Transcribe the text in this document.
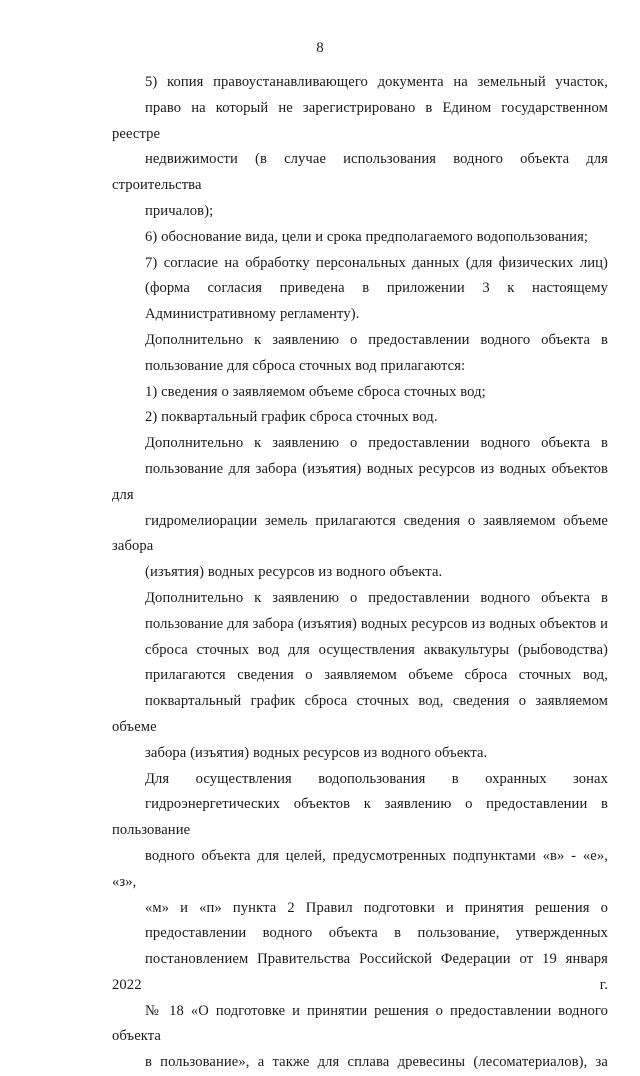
8
5) копия правоустанавливающего документа на земельный участок,
право на который не зарегистрировано в Едином государственном реестре
недвижимости (в случае использования водного объекта для строительства
причалов);
6) обоснование вида, цели и срока предполагаемого водопользования;
7) согласие на обработку персональных данных (для физических лиц)
(форма согласия приведена в приложении 3 к настоящему
Административному регламенту).
Дополнительно к заявлению о предоставлении водного объекта в
пользование для сброса сточных вод прилагаются:
1) сведения о заявляемом объеме сброса сточных вод;
2) поквартальный график сброса сточных вод.
Дополнительно к заявлению о предоставлении водного объекта в
пользование для забора (изъятия) водных ресурсов из водных объектов для
гидромелиорации земель прилагаются сведения о заявляемом объеме забора
(изъятия) водных ресурсов из водного объекта.
Дополнительно к заявлению о предоставлении водного объекта в
пользование для забора (изъятия) водных ресурсов из водных объектов и
сброса сточных вод для осуществления аквакультуры (рыбоводства)
прилагаются сведения о заявляемом объеме сброса сточных вод,
поквартальный график сброса сточных вод, сведения о заявляемом объеме
забора (изъятия) водных ресурсов из водного объекта.
Для осуществления водопользования в охранных зонах
гидроэнергетических объектов к заявлению о предоставлении в пользование
водного объекта для целей, предусмотренных подпунктами «в» - «е», «з»,
«м» и «п» пункта 2 Правил подготовки и принятия решения о
предоставлении водного объекта в пользование, утвержденных
постановлением Правительства Российской Федерации от 19 января 2022 г.
№ 18 «О подготовке и принятии решения о предоставлении водного объекта
в пользование», а также для сплава древесины (лесоматериалов), за
